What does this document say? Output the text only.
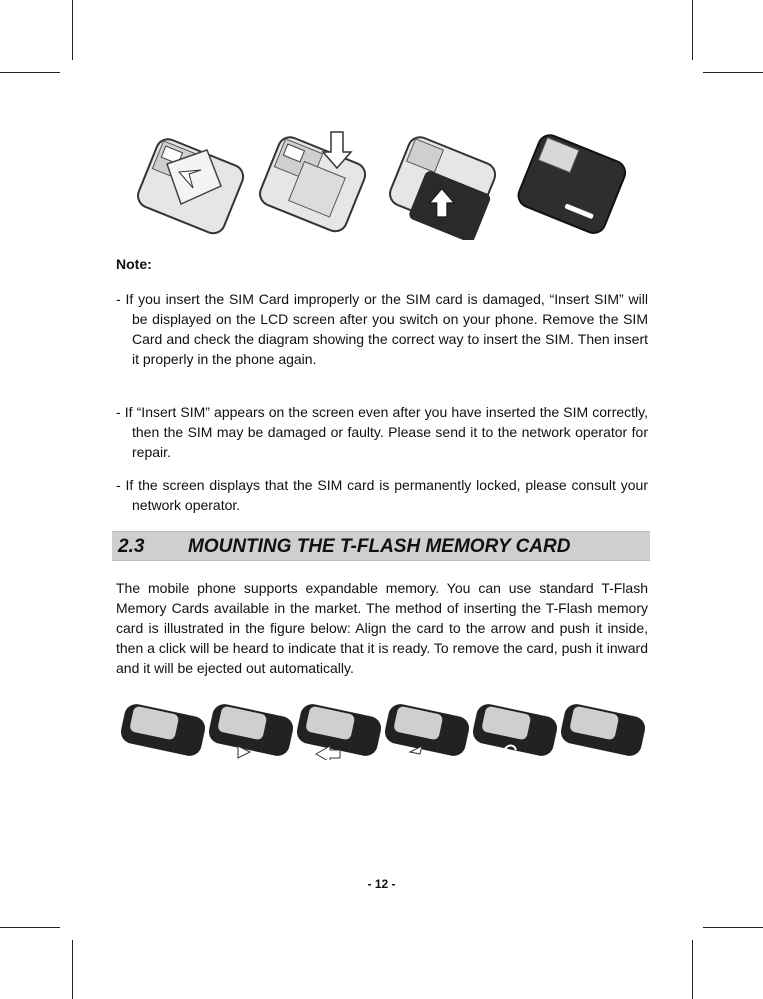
Note:
- If you insert the SIM Card improperly or the SIM card is damaged, “Insert SIM” will be displayed on the LCD screen after you switch on your phone. Remove the SIM Card and check the diagram showing the correct way to insert the SIM. Then insert it properly in the phone again.
- If “Insert SIM” appears on the screen even after you have inserted the SIM correctly, then the SIM may be damaged or faulty. Please send it to the network operator for repair.
- If the screen displays that the SIM card is permanently locked, please consult your network operator.
2.3 MOUNTING THE T-FLASH MEMORY CARD
The mobile phone supports expandable memory. You can use standard T-Flash Memory Cards available in the market. The method of inserting the T-Flash memory card is illustrated in the figure below: Align the card to the arrow and push it inside, then a click will be heard to indicate that it is ready. To remove the card, push it inward and it will be ejected out automatically.
- 12 -
